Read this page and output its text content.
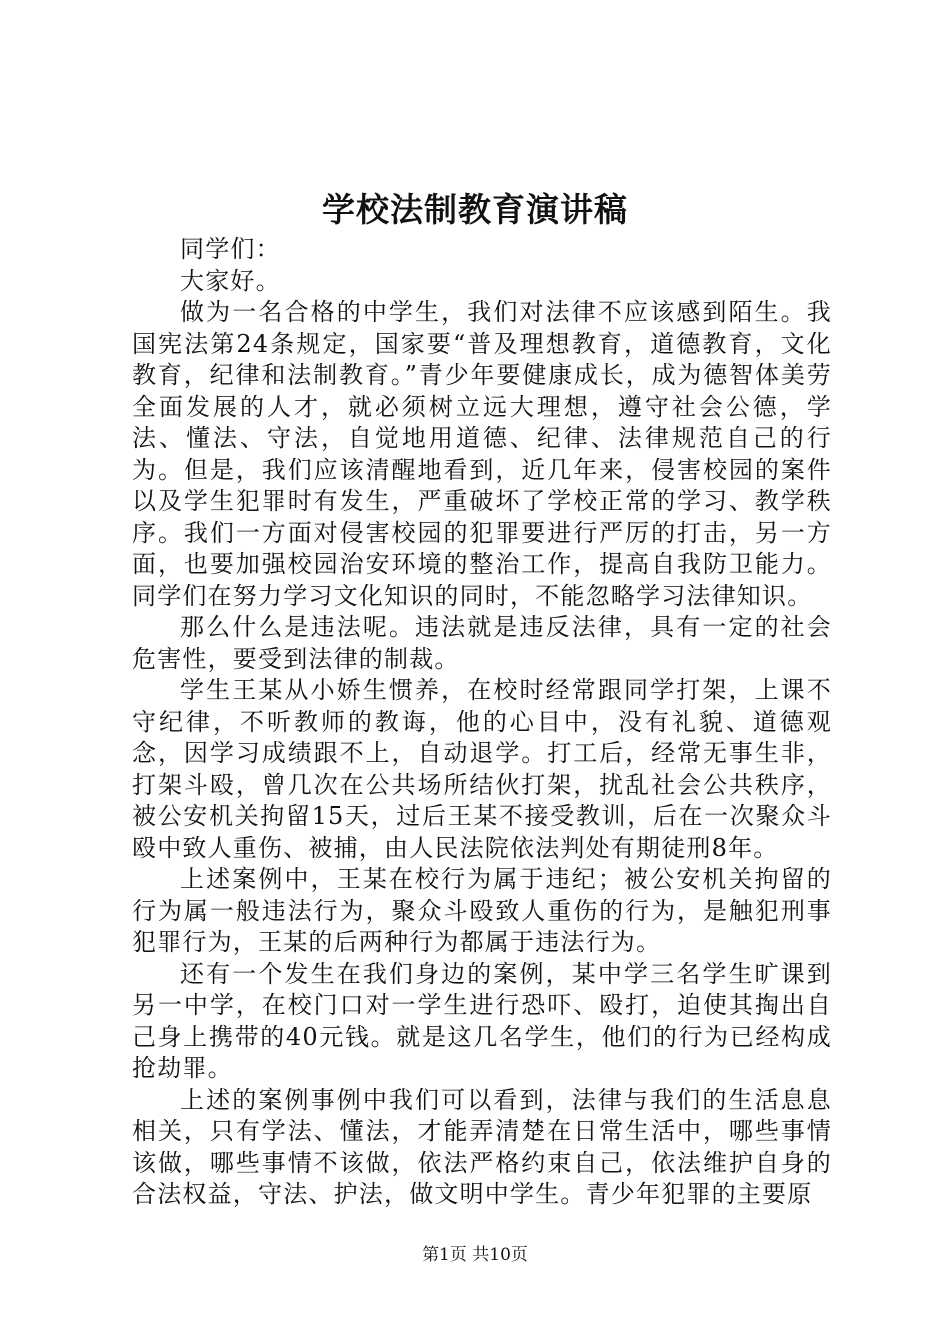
学校法制教育演讲稿

同学们：

大家好。

做为一名合格的中学生，我们对法律不应该感到陌生。我国宪法第24条规定，国家要“普及理想教育，道德教育，文化教育，纪律和法制教育。”青少年要健康成长，成为德智体美劳全面发展的人才，就必须树立远大理想，遵守社会公德，学法、懂法、守法，自觉地用道德、纪律、法律规范自己的行为。但是，我们应该清醒地看到，近几年来，侵害校园的案件以及学生犯罪时有发生，严重破坏了学校正常的学习、教学秩序。我们一方面对侵害校园的犯罪要进行严厉的打击，另一方面，也要加强校园治安环境的整治工作，提高自我防卫能力。同学们在努力学习文化知识的同时，不能忽略学习法律知识。

那么什么是违法呢。违法就是违反法律，具有一定的社会危害性，要受到法律的制裁。

学生王某从小娇生惯养，在校时经常跟同学打架，上课不守纪律，不听教师的教诲，他的心目中，没有礼貌、道德观念，因学习成绩跟不上，自动退学。打工后，经常无事生非，打架斗殴，曾几次在公共场所结伙打架，扰乱社会公共秩序，被公安机关拘留15天，过后王某不接受教训，后在一次聚众斗殴中致人重伤、被捕，由人民法院依法判处有期徒刑8年。

上述案例中，王某在校行为属于违纪；被公安机关拘留的行为属一般违法行为，聚众斗殴致人重伤的行为，是触犯刑事犯罪行为，王某的后两种行为都属于违法行为。

还有一个发生在我们身边的案例，某中学三名学生旷课到另一中学，在校门口对一学生进行恐吓、殴打，迫使其掏出自己身上携带的40元钱。就是这几名学生，他们的行为已经构成抢劫罪。

上述的案例事例中我们可以看到，法律与我们的生活息息相关，只有学法、懂法，才能弄清楚在日常生活中，哪些事情该做，哪些事情不该做，依法严格约束自己，依法维护自身的合法权益，守法、护法，做文明中学生。青少年犯罪的主要原

第1页 共10页
